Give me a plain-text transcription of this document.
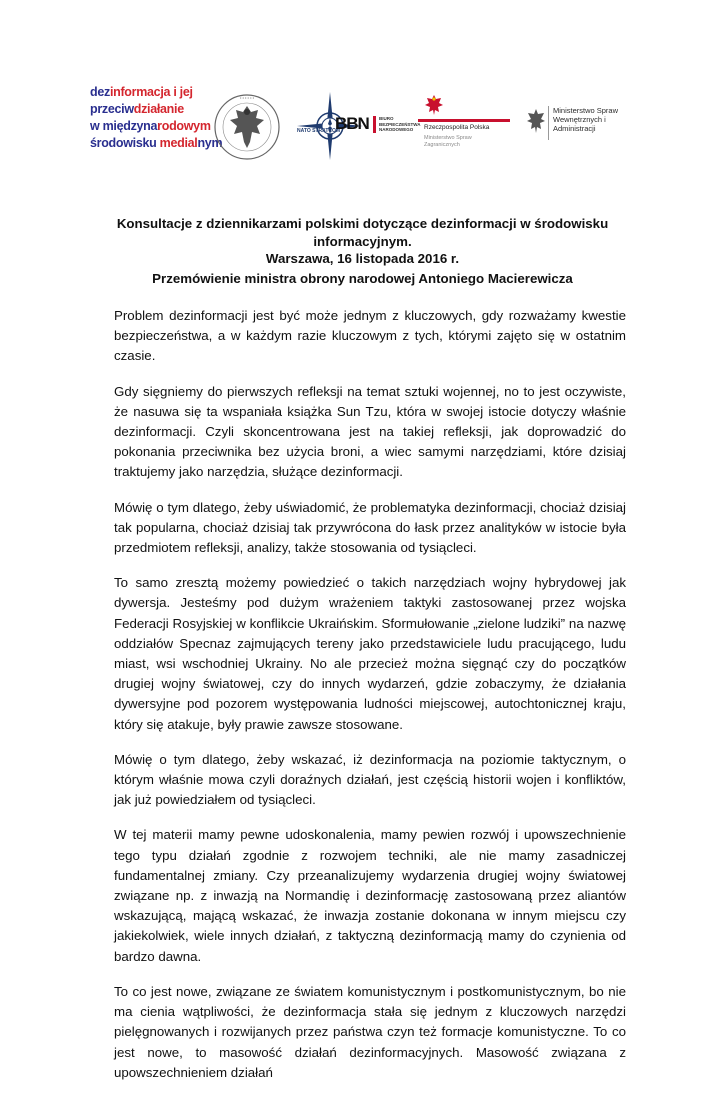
dezinformacja i jej
przeciwdziałanie
w międzynarodowym
środowisku medialnym
• • • • • •
NATO STRATCOM
BBN BIURO BEZPIECZEŃSTWA NARODOWEGO	Rzeczpospolita Polska
Ministerstwo Spraw Zagranicznych
Ministerstwo Spraw Wewnętrznych i Administracji
Konsultacje z dziennikarzami polskimi dotyczące dezinformacji w środowisku informacyjnym.
Warszawa, 16 listopada 2016 r.
Przemówienie ministra obrony narodowej Antoniego Macierewicza

Problem dezinformacji jest być może jednym z kluczowych, gdy rozważamy kwestie bezpieczeństwa, a w każdym razie kluczowym z tych, którymi zajęto się w ostatnim czasie.

Gdy sięgniemy do pierwszych refleksji na temat sztuki wojennej, no to jest oczywiste, że nasuwa się ta wspaniała książka Sun Tzu, która w swojej istocie dotyczy właśnie dezinformacji. Czyli skoncentrowana jest na takiej refleksji, jak doprowadzić do pokonania przeciwnika bez użycia broni, a wiec samymi narzędziami, które dzisiaj traktujemy jako narzędzia, służące dezinformacji.

Mówię o tym dlatego, żeby uświadomić, że problematyka dezinformacji, chociaż dzisiaj tak popularna, chociaż dzisiaj tak przywrócona do łask przez analityków w istocie była przedmiotem refleksji, analizy, także stosowania od tysiącleci.

To samo zresztą możemy powiedzieć o takich narzędziach wojny hybrydowej jak dywersja. Jesteśmy pod dużym wrażeniem taktyki zastosowanej przez wojska Federacji Rosyjskiej w konflikcie Ukraińskim. Sformułowanie „zielone ludziki” na nazwę oddziałów Specnaz zajmujących tereny jako przedstawiciele ludu pracującego, ludu miast, wsi wschodniej Ukrainy. No ale przecież można sięgnąć czy do początków drugiej wojny światowej, czy do innych wydarzeń, gdzie zobaczymy, że działania dywersyjne pod pozorem występowania ludności miejscowej, autochtonicznej kraju, który się atakuje, były prawie zawsze stosowane.

Mówię o tym dlatego, żeby wskazać, iż dezinformacja na poziomie taktycznym, o którym właśnie mowa czyli doraźnych działań, jest częścią historii wojen i konfliktów, jak już powiedziałem od tysiącleci.

W tej materii mamy pewne udoskonalenia, mamy pewien rozwój i upowszechnienie tego typu działań zgodnie z rozwojem techniki, ale nie mamy zasadniczej fundamentalnej zmiany. Czy przeanalizujemy wydarzenia drugiej wojny światowej związane np. z inwazją na Normandię i dezinformację zastosowaną przez aliantów wskazującą, mającą wskazać, że inwazja zostanie dokonana w innym miejscu czy jakiekolwiek, wiele innych działań, z taktyczną dezinformacją mamy do czynienia od bardzo dawna.

To co jest nowe, związane ze światem komunistycznym i postkomunistycznym, bo nie ma cienia wątpliwości, że dezinformacja stała się jednym z kluczowych narzędzi pielęgnowanych i rozwijanych przez państwa czyn też formacje komunistyczne. To co jest nowe, to masowość działań dezinformacyjnych. Masowość związana z upowszechnieniem działań
